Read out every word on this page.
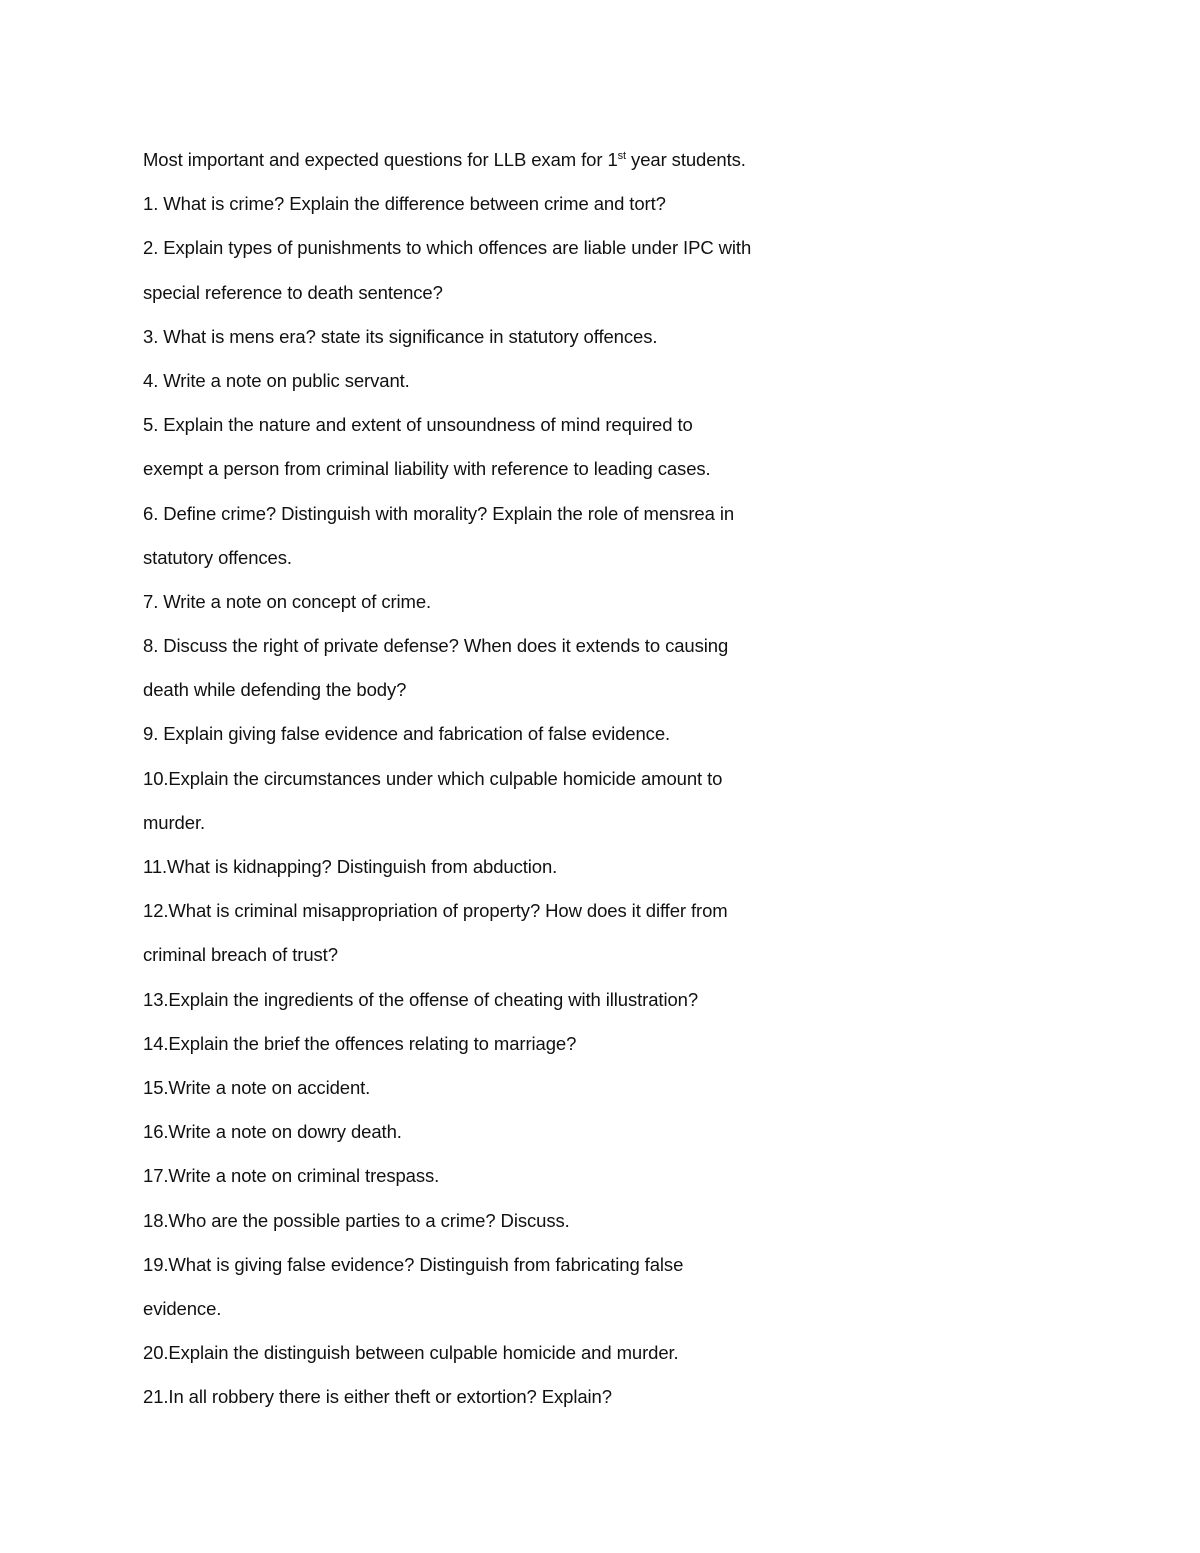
Most important and expected questions for LLB exam for 1st year students.
1. What is crime? Explain the difference between crime and tort?
2. Explain types of punishments to which offences are liable under IPC with
special reference to death sentence?
3. What is mens era? state its significance in statutory offences.
4. Write a note on public servant.
5. Explain the nature and extent of unsoundness of mind required to
exempt a person from criminal liability with reference to leading cases.
6. Define crime? Distinguish with morality? Explain the role of mensrea in
statutory offences.
7. Write a note on concept of crime.
8. Discuss the right of private defense? When does it extends to causing
death while defending the body?
9. Explain giving false evidence and fabrication of false evidence.
10.Explain the circumstances under which culpable homicide amount to
murder.
11.What is kidnapping? Distinguish from abduction.
12.What is criminal misappropriation of property? How does it differ from
criminal breach of trust?
13.Explain the ingredients of the offense of cheating with illustration?
14.Explain the brief the offences relating to marriage?
15.Write a note on accident.
16.Write a note on dowry death.
17.Write a note on criminal trespass.
18.Who are the possible parties to a crime? Discuss.
19.What is giving false evidence? Distinguish from fabricating false
evidence.
20.Explain the distinguish between culpable homicide and murder.
21.In all robbery there is either theft or extortion? Explain?
